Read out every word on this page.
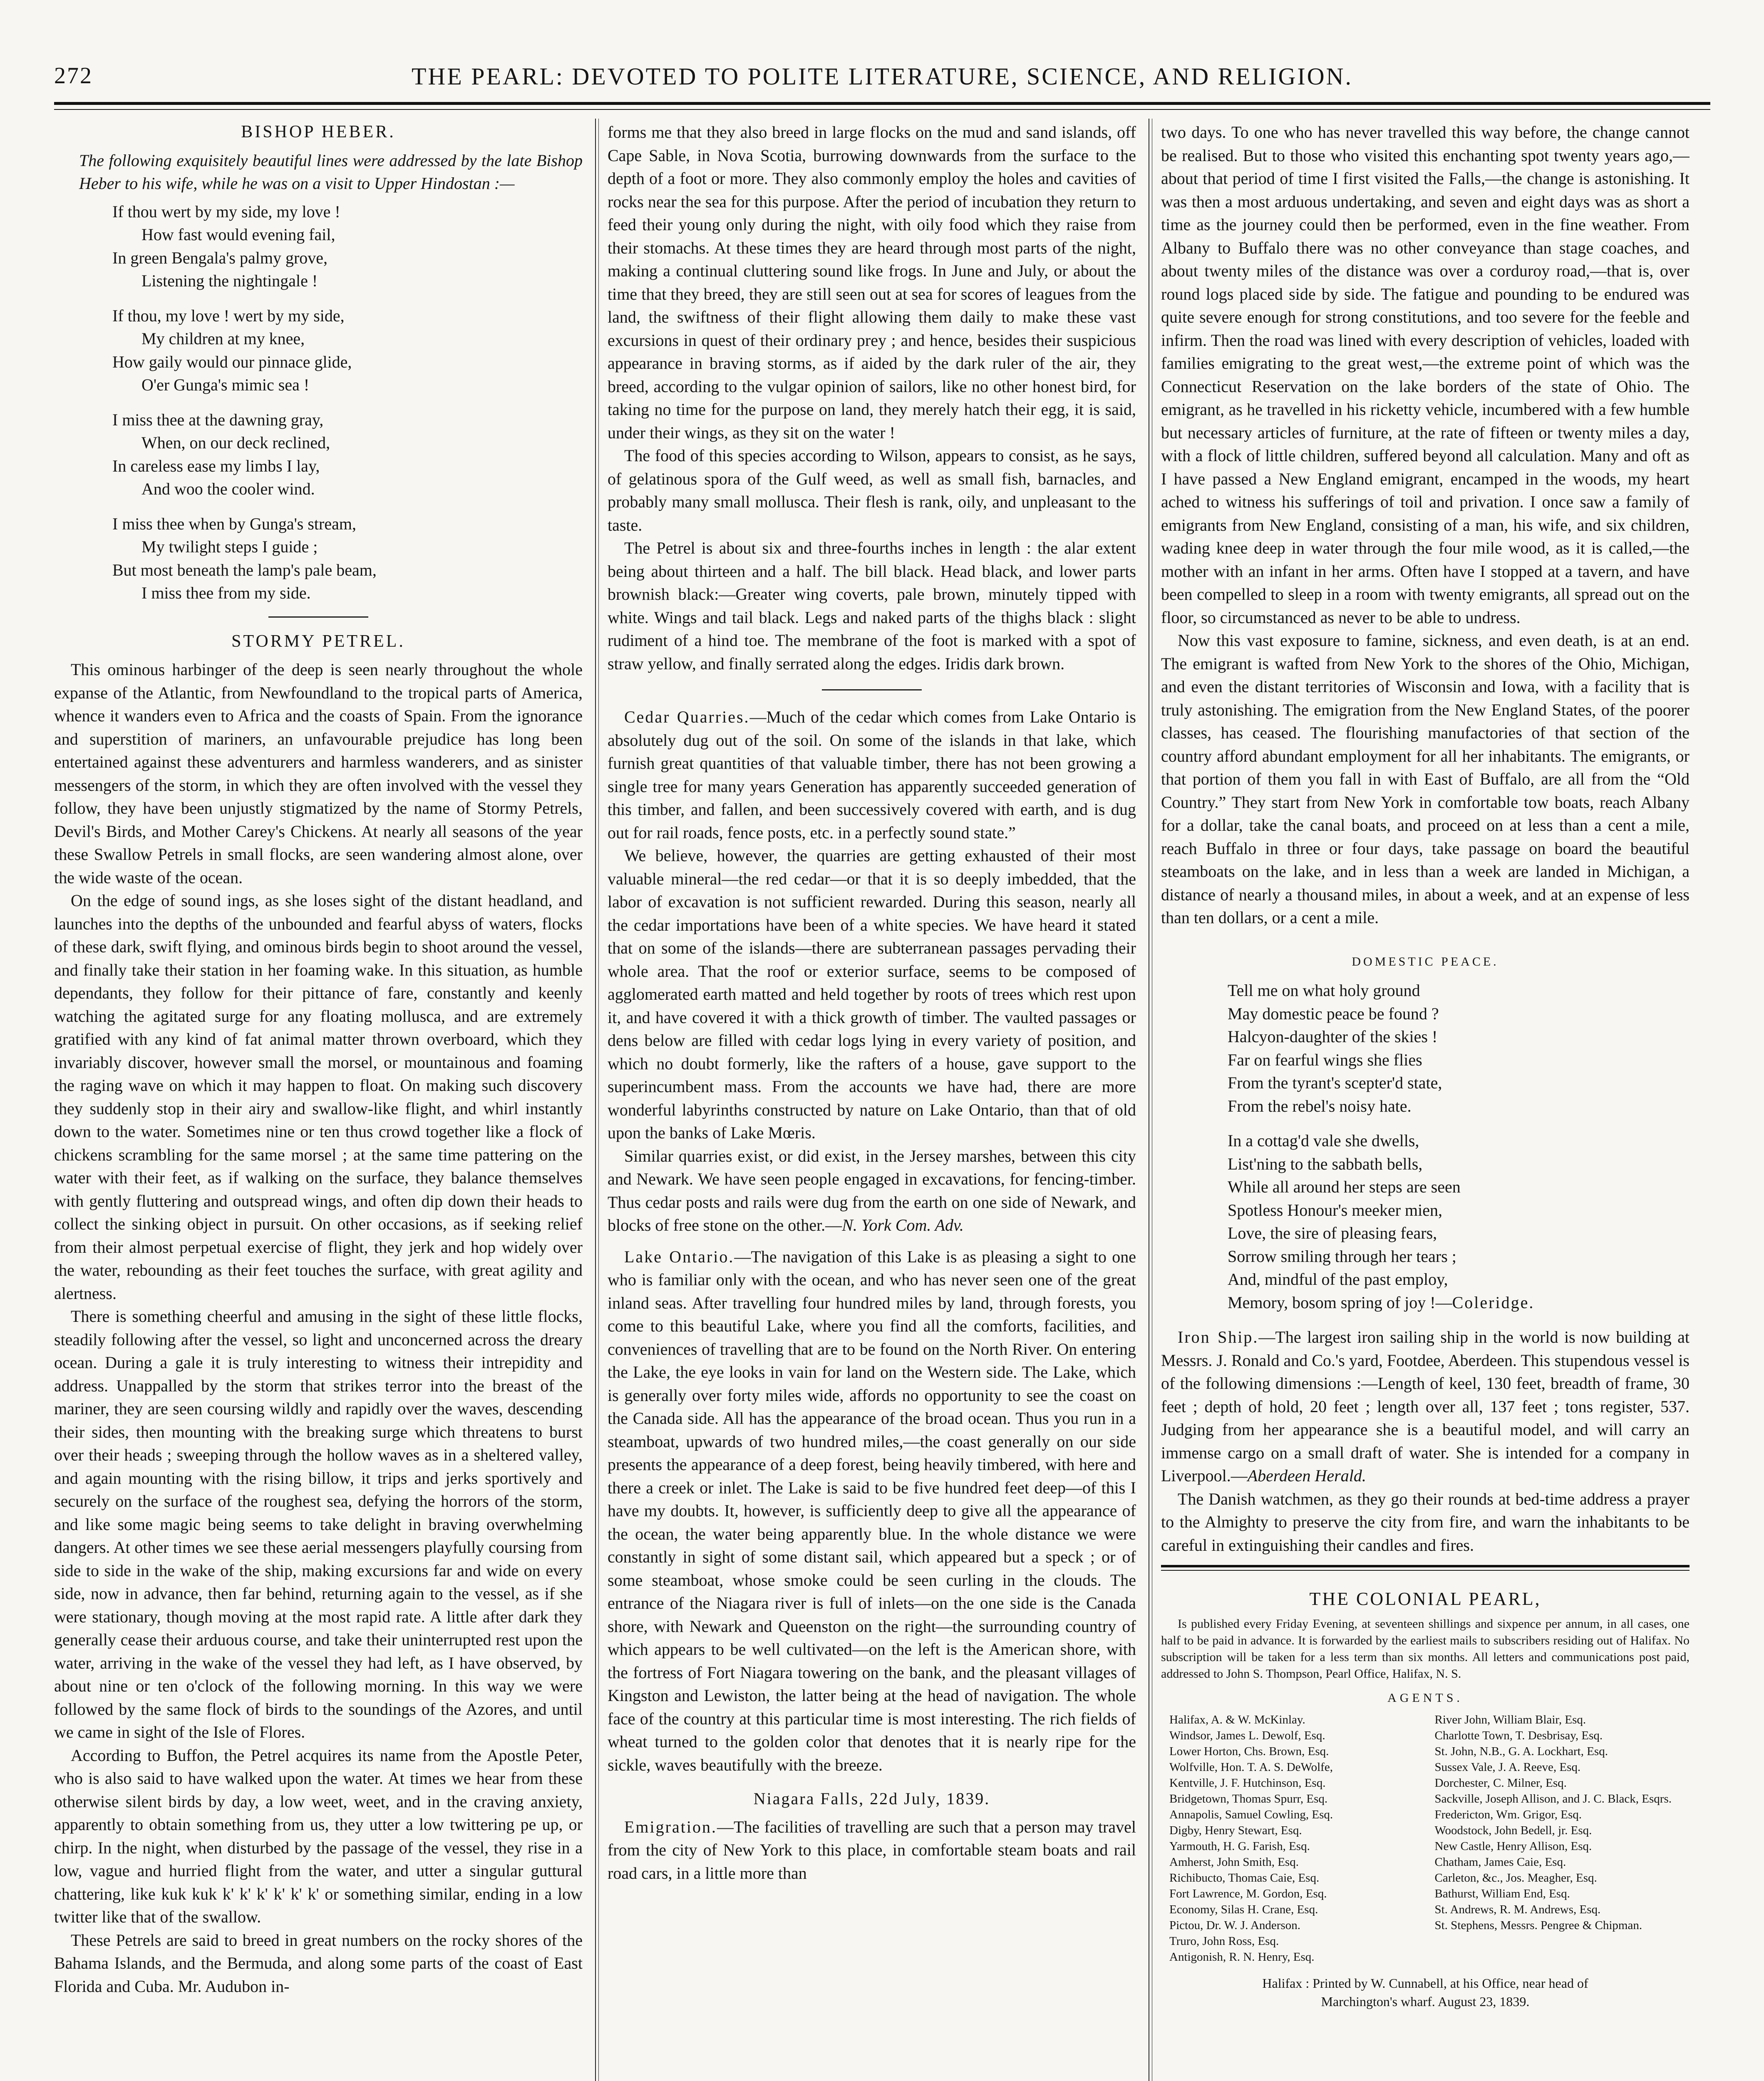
272	THE PEARL: DEVOTED TO POLITE LITERATURE, SCIENCE, AND RELIGION.
BISHOP HEBER.

The following exquisitely beautiful lines were addressed by the late Bishop Heber to his wife, while he was on a visit to Upper Hindostan :—

If thou wert by my side, my love !
How fast would evening fail,
In green Bengala's palmy grove,
Listening the nightingale !
If thou, my love ! wert by my side,
My children at my knee,
How gaily would our pinnace glide,
O'er Gunga's mimic sea !
I miss thee at the dawning gray,
When, on our deck reclined,
In careless ease my limbs I lay,
And woo the cooler wind.
I miss thee when by Gunga's stream,
My twilight steps I guide ;
But most beneath the lamp's pale beam,
I miss thee from my side.
STORMY PETREL.

This ominous harbinger of the deep is seen nearly throughout the whole expanse of the Atlantic, from Newfoundland to the tropical parts of America, whence it wanders even to Africa and the coasts of Spain. From the ignorance and superstition of mariners, an unfavourable prejudice has long been entertained against these adventurers and harmless wanderers, and as sinister messengers of the storm, in which they are often involved with the vessel they follow, they have been unjustly stigmatized by the name of Stormy Petrels, Devil's Birds, and Mother Carey's Chickens. At nearly all seasons of the year these Swallow Petrels in small flocks, are seen wandering almost alone, over the wide waste of the ocean.

On the edge of sound ings, as she loses sight of the distant headland, and launches into the depths of the unbounded and fearful abyss of waters, flocks of these dark, swift flying, and ominous birds begin to shoot around the vessel, and finally take their station in her foaming wake. In this situation, as humble dependants, they follow for their pittance of fare, constantly and keenly watching the agitated surge for any floating mollusca, and are extremely gratified with any kind of fat animal matter thrown overboard, which they invariably discover, however small the morsel, or mountainous and foaming the raging wave on which it may happen to float. On making such discovery they suddenly stop in their airy and swallow-like flight, and whirl instantly down to the water. Sometimes nine or ten thus crowd together like a flock of chickens scrambling for the same morsel ; at the same time pattering on the water with their feet, as if walking on the surface, they balance themselves with gently fluttering and outspread wings, and often dip down their heads to collect the sinking object in pursuit. On other occasions, as if seeking relief from their almost perpetual exercise of flight, they jerk and hop widely over the water, rebounding as their feet touches the surface, with great agility and alertness.

There is something cheerful and amusing in the sight of these little flocks, steadily following after the vessel, so light and unconcerned across the dreary ocean. During a gale it is truly interesting to witness their intrepidity and address. Unappalled by the storm that strikes terror into the breast of the mariner, they are seen coursing wildly and rapidly over the waves, descending their sides, then mounting with the breaking surge which threatens to burst over their heads ; sweeping through the hollow waves as in a sheltered valley, and again mounting with the rising billow, it trips and jerks sportively and securely on the surface of the roughest sea, defying the horrors of the storm, and like some magic being seems to take delight in braving overwhelming dangers. At other times we see these aerial messengers playfully coursing from side to side in the wake of the ship, making excursions far and wide on every side, now in advance, then far behind, returning again to the vessel, as if she were stationary, though moving at the most rapid rate. A little after dark they generally cease their arduous course, and take their uninterrupted rest upon the water, arriving in the wake of the vessel they had left, as I have observed, by about nine or ten o'clock of the following morning. In this way we were followed by the same flock of birds to the soundings of the Azores, and until we came in sight of the Isle of Flores.

According to Buffon, the Petrel acquires its name from the Apostle Peter, who is also said to have walked upon the water. At times we hear from these otherwise silent birds by day, a low weet, weet, and in the craving anxiety, apparently to obtain something from us, they utter a low twittering pe up, or chirp. In the night, when disturbed by the passage of the vessel, they rise in a low, vague and hurried flight from the water, and utter a singular guttural chattering, like kuk kuk k' k' k' k' k' k' or something similar, ending in a low twitter like that of the swallow.

These Petrels are said to breed in great numbers on the rocky shores of the Bahama Islands, and the Bermuda, and along some parts of the coast of East Florida and Cuba. Mr. Audubon in-

forms me that they also breed in large flocks on the mud and sand islands, off Cape Sable, in Nova Scotia, burrowing downwards from the surface to the depth of a foot or more. They also commonly employ the holes and cavities of rocks near the sea for this purpose. After the period of incubation they return to feed their young only during the night, with oily food which they raise from their stomachs. At these times they are heard through most parts of the night, making a continual cluttering sound like frogs. In June and July, or about the time that they breed, they are still seen out at sea for scores of leagues from the land, the swiftness of their flight allowing them daily to make these vast excursions in quest of their ordinary prey ; and hence, besides their suspicious appearance in braving storms, as if aided by the dark ruler of the air, they breed, according to the vulgar opinion of sailors, like no other honest bird, for taking no time for the purpose on land, they merely hatch their egg, it is said, under their wings, as they sit on the water !

The food of this species according to Wilson, appears to consist, as he says, of gelatinous spora of the Gulf weed, as well as small fish, barnacles, and probably many small mollusca. Their flesh is rank, oily, and unpleasant to the taste.

The Petrel is about six and three-fourths inches in length : the alar extent being about thirteen and a half. The bill black. Head black, and lower parts brownish black:—Greater wing coverts, pale brown, minutely tipped with white. Wings and tail black. Legs and naked parts of the thighs black : slight rudiment of a hind toe. The membrane of the foot is marked with a spot of straw yellow, and finally serrated along the edges. Iridis dark brown.

Cedar Quarries.—Much of the cedar which comes from Lake Ontario is absolutely dug out of the soil. On some of the islands in that lake, which furnish great quantities of that valuable timber, there has not been growing a single tree for many years Generation has apparently succeeded generation of this timber, and fallen, and been successively covered with earth, and is dug out for rail roads, fence posts, etc. in a perfectly sound state.”

We believe, however, the quarries are getting exhausted of their most valuable mineral—the red cedar—or that it is so deeply imbedded, that the labor of excavation is not sufficient rewarded. During this season, nearly all the cedar importations have been of a white species. We have heard it stated that on some of the islands—there are subterranean passages pervading their whole area. That the roof or exterior surface, seems to be composed of agglomerated earth matted and held together by roots of trees which rest upon it, and have covered it with a thick growth of timber. The vaulted passages or dens below are filled with cedar logs lying in every variety of position, and which no doubt formerly, like the rafters of a house, gave support to the superincumbent mass. From the accounts we have had, there are more wonderful labyrinths constructed by nature on Lake Ontario, than that of old upon the banks of Lake Mœris.

Similar quarries exist, or did exist, in the Jersey marshes, between this city and Newark. We have seen people engaged in excavations, for fencing-timber. Thus cedar posts and rails were dug from the earth on one side of Newark, and blocks of free stone on the other.—N. York Com. Adv.

Lake Ontario.—The navigation of this Lake is as pleasing a sight to one who is familiar only with the ocean, and who has never seen one of the great inland seas. After travelling four hundred miles by land, through forests, you come to this beautiful Lake, where you find all the comforts, facilities, and conveniences of travelling that are to be found on the North River. On entering the Lake, the eye looks in vain for land on the Western side. The Lake, which is generally over forty miles wide, affords no opportunity to see the coast on the Canada side. All has the appearance of the broad ocean. Thus you run in a steamboat, upwards of two hundred miles,—the coast generally on our side presents the appearance of a deep forest, being heavily timbered, with here and there a creek or inlet. The Lake is said to be five hundred feet deep—of this I have my doubts. It, however, is sufficiently deep to give all the appearance of the ocean, the water being apparently blue. In the whole distance we were constantly in sight of some distant sail, which appeared but a speck ; or of some steamboat, whose smoke could be seen curling in the clouds. The entrance of the Niagara river is full of inlets—on the one side is the Canada shore, with Newark and Queenston on the right—the surrounding country of which appears to be well cultivated—on the left is the American shore, with the fortress of Fort Niagara towering on the bank, and the pleasant villages of Kingston and Lewiston, the latter being at the head of navigation. The whole face of the country at this particular time is most interesting. The rich fields of wheat turned to the golden color that denotes that it is nearly ripe for the sickle, waves beautifully with the breeze.

Niagara Falls, 22d July, 1839.

Emigration.—The facilities of travelling are such that a person may travel from the city of New York to this place, in comfortable steam boats and rail road cars, in a little more than

two days. To one who has never travelled this way before, the change cannot be realised. But to those who visited this enchanting spot twenty years ago,—about that period of time I first visited the Falls,—the change is astonishing. It was then a most arduous undertaking, and seven and eight days was as short a time as the journey could then be performed, even in the fine weather. From Albany to Buffalo there was no other conveyance than stage coaches, and about twenty miles of the distance was over a corduroy road,—that is, over round logs placed side by side. The fatigue and pounding to be endured was quite severe enough for strong constitutions, and too severe for the feeble and infirm. Then the road was lined with every description of vehicles, loaded with families emigrating to the great west,—the extreme point of which was the Connecticut Reservation on the lake borders of the state of Ohio. The emigrant, as he travelled in his ricketty vehicle, incumbered with a few humble but necessary articles of furniture, at the rate of fifteen or twenty miles a day, with a flock of little children, suffered beyond all calculation. Many and oft as I have passed a New England emigrant, encamped in the woods, my heart ached to witness his sufferings of toil and privation. I once saw a family of emigrants from New England, consisting of a man, his wife, and six children, wading knee deep in water through the four mile wood, as it is called,—the mother with an infant in her arms. Often have I stopped at a tavern, and have been compelled to sleep in a room with twenty emigrants, all spread out on the floor, so circumstanced as never to be able to undress.

Now this vast exposure to famine, sickness, and even death, is at an end. The emigrant is wafted from New York to the shores of the Ohio, Michigan, and even the distant territories of Wisconsin and Iowa, with a facility that is truly astonishing. The emigration from the New England States, of the poorer classes, has ceased. The flourishing manufactories of that section of the country afford abundant employment for all her inhabitants. The emigrants, or that portion of them you fall in with East of Buffalo, are all from the “Old Country.” They start from New York in comfortable tow boats, reach Albany for a dollar, take the canal boats, and proceed on at less than a cent a mile, reach Buffalo in three or four days, take passage on board the beautiful steamboats on the lake, and in less than a week are landed in Michigan, a distance of nearly a thousand miles, in about a week, and at an expense of less than ten dollars, or a cent a mile.

DOMESTIC PEACE.
Tell me on what holy ground
May domestic peace be found ?
Halcyon-daughter of the skies !
Far on fearful wings she flies
From the tyrant's scepter'd state,
From the rebel's noisy hate.
In a cottag'd vale she dwells,
List'ning to the sabbath bells,
While all around her steps are seen
Spotless Honour's meeker mien,
Love, the sire of pleasing fears,
Sorrow smiling through her tears ;
And, mindful of the past employ,
Memory, bosom spring of joy !—Coleridge.

Iron Ship.—The largest iron sailing ship in the world is now building at Messrs. J. Ronald and Co.'s yard, Footdee, Aberdeen. This stupendous vessel is of the following dimensions :—Length of keel, 130 feet, breadth of frame, 30 feet ; depth of hold, 20 feet ; length over all, 137 feet ; tons register, 537. Judging from her appearance she is a beautiful model, and will carry an immense cargo on a small draft of water. She is intended for a company in Liverpool.—Aberdeen Herald.

The Danish watchmen, as they go their rounds at bed-time address a prayer to the Almighty to preserve the city from fire, and warn the inhabitants to be careful in extinguishing their candles and fires.

THE COLONIAL PEARL,

Is published every Friday Evening, at seventeen shillings and sixpence per annum, in all cases, one half to be paid in advance. It is forwarded by the earliest mails to subscribers residing out of Halifax. No subscription will be taken for a less term than six months. All letters and communications post paid, addressed to John S. Thompson, Pearl Office, Halifax, N. S.

AGENTS.
Halifax, A. & W. McKinlay.
Windsor, James L. Dewolf, Esq.
Lower Horton, Chs. Brown, Esq.
Wolfville, Hon. T. A. S. DeWolfe,
Kentville, J. F. Hutchinson, Esq.
Bridgetown, Thomas Spurr, Esq.
Annapolis, Samuel Cowling, Esq.
Digby, Henry Stewart, Esq.
Yarmouth, H. G. Farish, Esq.
Amherst, John Smith, Esq.
Richibucto, Thomas Caie, Esq.
Fort Lawrence, M. Gordon, Esq.
Economy, Silas H. Crane, Esq.
Pictou, Dr. W. J. Anderson.
Truro, John Ross, Esq.
Antigonish, R. N. Henry, Esq.
River John, William Blair, Esq.
Charlotte Town, T. Desbrisay, Esq.
St. John, N.B., G. A. Lockhart, Esq.
Sussex Vale, J. A. Reeve, Esq.
Dorchester, C. Milner, Esq.
Sackville, Joseph Allison, and J. C. Black, Esqrs.
Fredericton, Wm. Grigor, Esq.
Woodstock, John Bedell, jr. Esq.
New Castle, Henry Allison, Esq.
Chatham, James Caie, Esq.
Carleton, &c., Jos. Meagher, Esq.
Bathurst, William End, Esq.
St. Andrews, R. M. Andrews, Esq.
St. Stephens, Messrs. Pengree & Chipman.

Halifax : Printed by W. Cunnabell, at his Office, near head of
Marchington's wharf. August 23, 1839.
